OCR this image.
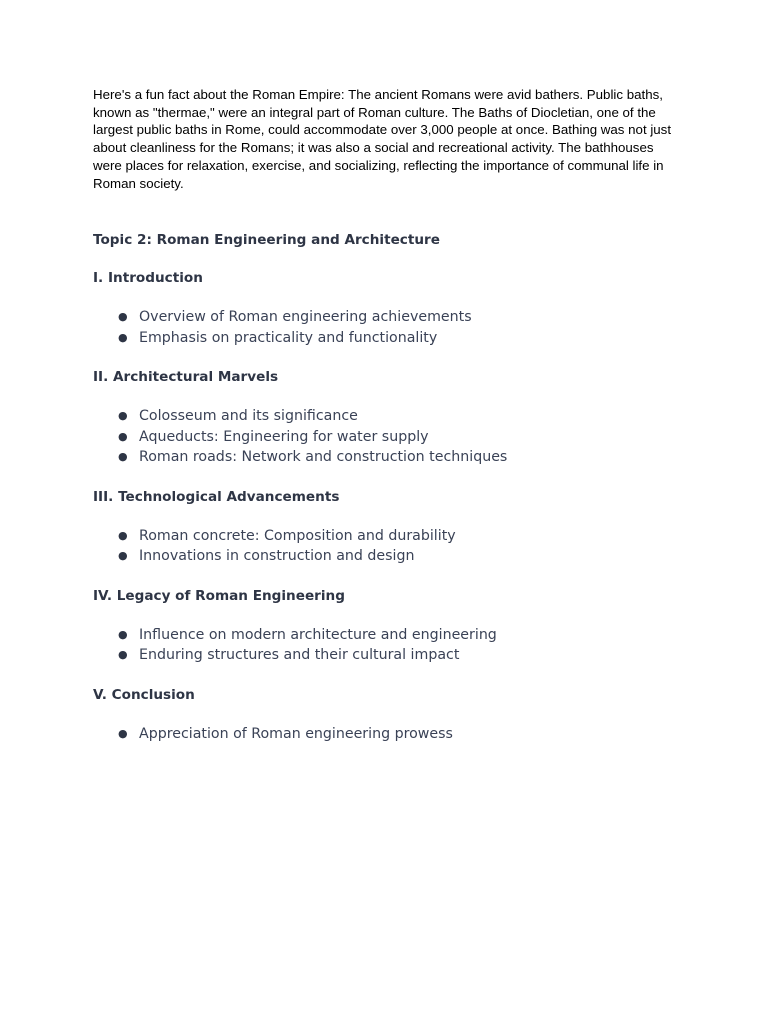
Here's a fun fact about the Roman Empire: The ancient Romans were avid bathers. Public baths, known as "thermae," were an integral part of Roman culture. The Baths of Diocletian, one of the largest public baths in Rome, could accommodate over 3,000 people at once. Bathing was not just about cleanliness for the Romans; it was also a social and recreational activity. The bathhouses were places for relaxation, exercise, and socializing, reflecting the importance of communal life in Roman society.

Topic 2: Roman Engineering and Architecture
I. Introduction
● Overview of Roman engineering achievements
● Emphasis on practicality and functionality
II. Architectural Marvels
● Colosseum and its significance
● Aqueducts: Engineering for water supply
● Roman roads: Network and construction techniques
III. Technological Advancements
● Roman concrete: Composition and durability
● Innovations in construction and design
IV. Legacy of Roman Engineering
● Influence on modern architecture and engineering
● Enduring structures and their cultural impact
V. Conclusion
● Appreciation of Roman engineering prowess
